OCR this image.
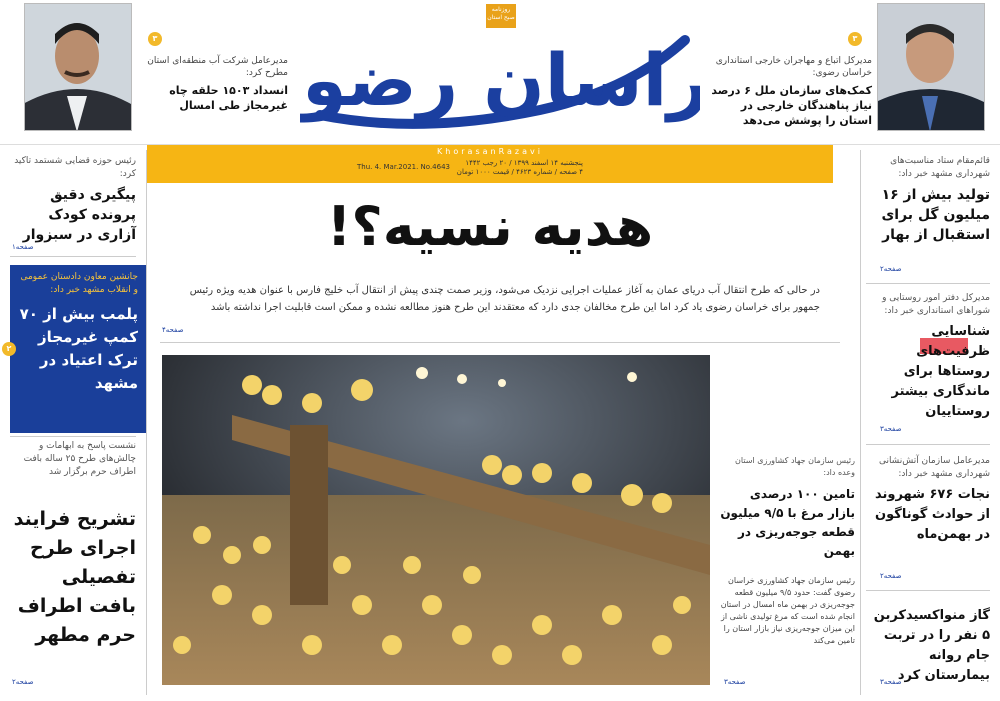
۳
مدیرعامل شرکت آب منطقه‌ای استان مطرح کرد:
انسداد ۱۵۰۳ حلقه چاه غیرمجاز طی امسال	راسان رضو
روزنامه صبح استان
۳
مدیرکل اتباع و مهاجران خارجی استانداری خراسان رضوی:
کمک‌های سازمان ملل ۶ درصد نیاز پناهندگان خارجی در استان را پوشش می‌دهد
KhorasanRazavi
پنجشنبه ۱۴ اسفند ۱۳۹۹ / ۲۰ رجب ۱۴۴۲
۴ صفحه / شماره ۴۶۲۳ / قیمت ۱۰۰۰ تومان
Thu. 4. Mar.2021. No.4643
هدیه نسیه؟!
در حالی که طرح انتقال آب دریای عمان به آغاز عملیات اجرایی نزدیک می‌شود، وزیر صمت چندی پیش از انتقال آب خلیج فارس با عنوان هدیه ویژه رئیس جمهور برای خراسان رضوی یاد کرد اما این طرح مخالفان جدی دارد که معتقدند این طرح هنوز مطالعه نشده و ممکن است قابلیت اجرا نداشته باشد
صفحه۴
رئیس سازمان جهاد کشاورزی استان وعده داد:
تامین ۱۰۰ درصدی بازار مرغ با ۹/۵ میلیون قطعه جوجه‌ریزی در بهمن
رئیس سازمان جهاد کشاورزی خراسان رضوی گفت: حدود ۹/۵ میلیون قطعه جوجه‌ریزی در بهمن ماه امسال در استان انجام شده است که مرغ تولیدی ناشی از این میزان جوجه‌ریزی نیاز بازار استان را تامین می‌کند
صفحه۳
رئیس حوزه قضایی شستمد تاکید کرد:
پیگیری دقیق پرونده کودک آزاری در سبزوار
صفحه۱
جانشین معاون دادستان عمومی و انقلاب مشهد خبر داد:
پلمب بیش از ۷۰ کمپ غیرمجاز ترک اعتیاد در مشهد
۲
نشست پاسخ به ابهامات و چالش‌های طرح ۲۵ ساله بافت اطراف حرم برگزار شد
تشریح فرایند اجرای طرح تفصیلی بافت اطراف حرم مطهر
صفحه۲
قائم‌مقام ستاد مناسبت‌های شهرداری مشهد خبر داد:
تولید بیش از ۱۶ میلیون گل برای استقبال از بهار
صفحه۲
مدیرکل دفتر امور روستایی و شوراهای استانداری خبر داد:
شناسایی ظرفیت‌های روستاها برای ماندگاری بیشتر روستاییان
صفحه۳
مدیرعامل سازمان آتش‌نشانی شهرداری مشهد خبر داد:
نجات ۶۷۶ شهروند از حوادث گوناگون در بهمن‌ماه
صفحه۲
گاز منواکسیدکربن ۵ نفر را در تربت جام روانه بیمارستان کرد
صفحه۳
